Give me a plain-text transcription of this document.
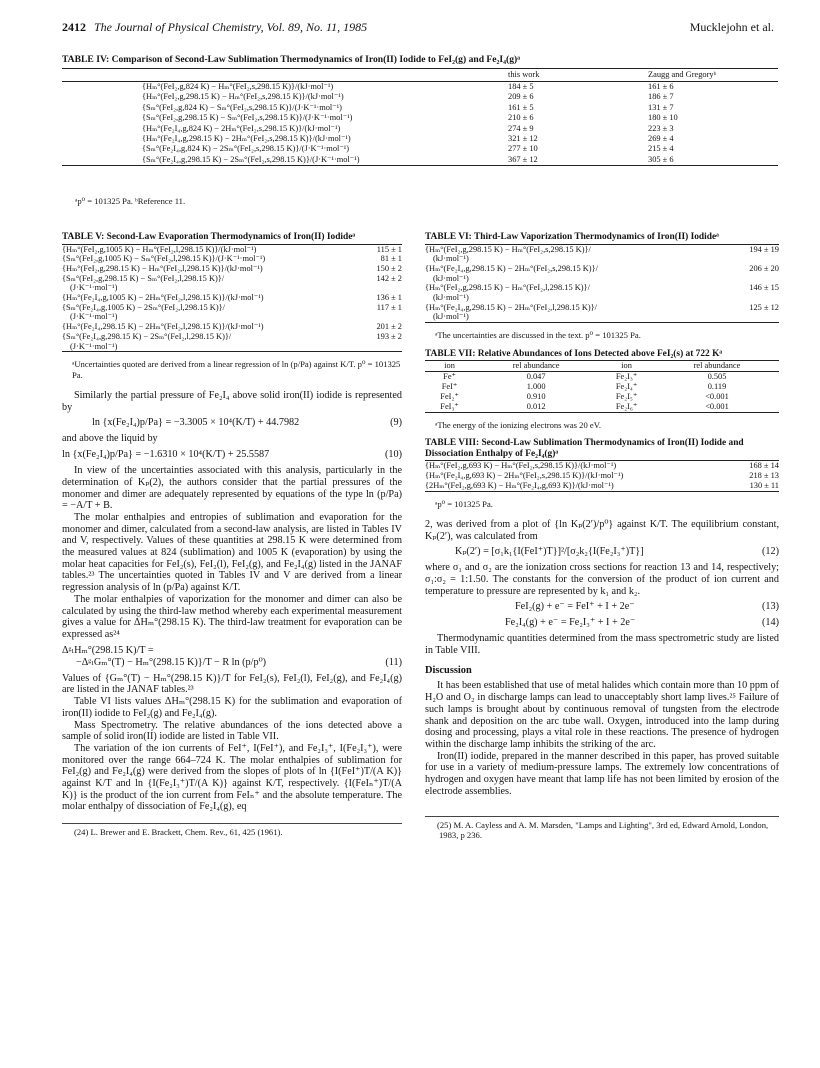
2412 The Journal of Physical Chemistry, Vol. 89, No. 11, 1985	Mucklejohn et al.
TABLE IV: Comparison of Second-Law Sublimation Thermodynamics of Iron(II) Iodide to FeI₂(g) and Fe₂I₄(g)ᵃ
	this work	Zaugg and Gregoryᵇ
{Hₘ°(FeI₂,g,824 K) − Hₘ°(FeI₂,s,298.15 K)}/(kJ·mol⁻¹)	184 ± 5	161 ± 6
{Hₘ°(FeI₂,g,298.15 K) − Hₘ°(FeI₂,s,298.15 K)}/(kJ·mol⁻¹)	209 ± 6	186 ± 7
{Sₘ°(FeI₂,g,824 K) − Sₘ°(FeI₂,s,298.15 K)}/(J·K⁻¹·mol⁻¹)	161 ± 5	131 ± 7
{Sₘ°(FeI₂,g,298.15 K) − Sₘ°(FeI₂,s,298.15 K)}/(J·K⁻¹·mol⁻¹)	210 ± 6	180 ± 10
{Hₘ°(Fe₂I₄,g,824 K) − 2Hₘ°(FeI₂,s,298.15 K)}/(kJ·mol⁻¹)	274 ± 9	223 ± 3
{Hₘ°(Fe₂I₄,g,298.15 K) − 2Hₘ°(FeI₂,s,298.15 K)}/(kJ·mol⁻¹)	321 ± 12	269 ± 4
{Sₘ°(Fe₂I₄,g,824 K) − 2Sₘ°(FeI₂,s,298.15 K)}/(J·K⁻¹·mol⁻¹)	277 ± 10	215 ± 4
{Sₘ°(Fe₂I₄,g,298.15 K) − 2Sₘ°(FeI₂,s,298.15 K)}/(J·K⁻¹·mol⁻¹)	367 ± 12	305 ± 6
ᵃp⁰ = 101325 Pa. ᵇReference 11.
TABLE V: Second-Law Evaporation Thermodynamics of Iron(II) Iodideᵃ
{Hₘ°(FeI₂,g,1005 K) − Hₘ°(FeI₂,l,298.15 K)}/(kJ·mol⁻¹)	115 ± 1
{Sₘ°(FeI₂,g,1005 K) − Sₘ°(FeI₂,l,298.15 K)}/(J·K⁻¹·mol⁻¹)	81 ± 1
{Hₘ°(FeI₂,g,298.15 K) − Hₘ°(FeI₂,l,298.15 K)}/(kJ·mol⁻¹)	150 ± 2

{Sₘ°(FeI₂,g,298.15 K) − Sₘ°(FeI₂,l,298.15 K)}/
(J·K⁻¹·mol⁻¹)	142 ± 2
{Hₘ°(Fe₂I₄,g,1005 K) − 2Hₘ°(FeI₂,l,298.15 K)}/(kJ·mol⁻¹)	136 ± 1

{Sₘ°(Fe₂I₄,g,1005 K) − 2Sₘ°(FeI₂,l,298.15 K)}/
(J·K⁻¹·mol⁻¹)	117 ± 1
{Hₘ°(Fe₂I₄,298.15 K) − 2Hₘ°(FeI₂,l,298.15 K)}/(kJ·mol⁻¹)	201 ± 2

{Sₘ°(Fe₂I₄,g,298.15 K) − 2Sₘ°(FeI₂,l,298.15 K)}/
(J·K⁻¹·mol⁻¹)	193 ± 2
ᵃUncertainties quoted are derived from a linear regression of ln (p/Pa) against K/T. p⁰ = 101325 Pa.

Similarly the partial pressure of Fe₂I₄ above solid iron(II) iodide is represented by

ln {x(Fe₂I₄)p/Pa} = −3.3005 × 10⁴(K/T) + 44.7982	(9)

and above the liquid by

ln {x(Fe₂I₄)p/Pa} = −1.6310 × 10⁴(K/T) + 25.5587	(10)

In view of the uncertainties associated with this analysis, particularly in the determination of Kₚ(2), the authors consider that the partial pressures of the monomer and dimer are adequately represented by equations of the type ln (p/Pa) = −A/T + B.

The molar enthalpies and entropies of sublimation and evaporation for the monomer and dimer, calculated from a second-law analysis, are listed in Tables IV and V, respectively. Values of these quantities at 298.15 K were determined from the measured values at 824 (sublimation) and 1005 K (evaporation) by using the molar heat capacities for FeI₂(s), FeI₂(l), FeI₂(g), and Fe₂I₄(g) listed in the JANAF tables.²³ The uncertainties quoted in Tables IV and V are derived from a linear regression analysis of ln (p/Pa) against K/T.

The molar enthalpies of vaporization for the monomer and dimer can also be calculated by using the third-law method whereby each experimental measurement gives a value for ΔHₘ°(298.15 K). The third-law treatment for evaporation can be expressed as²⁴

ΔᵍₗHₘ°(298.15 K)/T =
−ΔᵍₗGₘ°(T) − Hₘ°(298.15 K)}/T − R ln (p/p⁰)	(11)

Values of {Gₘ°(T) − Hₘ°(298.15 K)}/T for FeI₂(s), FeI₂(l), FeI₂(g), and Fe₂I₄(g) are listed in the JANAF tables.²³

Table VI lists values ΔHₘ°(298.15 K) for the sublimation and evaporation of iron(II) iodide to FeI₂(g) and Fe₂I₄(g).

Mass Spectrometry. The relative abundances of the ions detected above a sample of solid iron(II) iodide are listed in Table VII.

The variation of the ion currents of FeI⁺, I(FeI⁺), and Fe₂I₃⁺, I(Fe₂I₃⁺), were monitored over the range 664–724 K. The molar enthalpies of sublimation for FeI₂(g) and Fe₂I₄(g) were derived from the slopes of plots of ln {I(FeI⁺)T/(A K)} against K/T and ln {I(Fe₂I₃⁺)T/(A K)} against K/T, respectively. {I(FeIₙ⁺)T/(A K)} is the product of the ion current from FeIₙ⁺ and the absolute temperature. The molar enthalpy of dissociation of Fe₂I₄(g), eq

(24) L. Brewer and E. Brackett, Chem. Rev., 61, 425 (1961).
TABLE VI: Third-Law Vaporization Thermodynamics of Iron(II) Iodideᵃ
{Hₘ°(FeI₂,g,298.15 K) − Hₘ°(FeI₂,s,298.15 K)}/
(kJ·mol⁻¹)	194 ± 19

{Hₘ°(Fe₂I₄,g,298.15 K) − 2Hₘ°(FeI₂,s,298.15 K)}/
(kJ·mol⁻¹)	206 ± 20

{Hₘ°(FeI₂,g,298.15 K) − Hₘ°(FeI₂,l,298.15 K)}/
(kJ·mol⁻¹)	146 ± 15

{Hₘ°(Fe₂I₄,g,298.15 K) − 2Hₘ°(FeI₂,l,298.15 K)}/
(kJ·mol⁻¹)	125 ± 12
ᵃThe uncertainties are discussed in the text. p⁰ = 101325 Pa.
TABLE VII: Relative Abundances of Ions Detected above FeI₂(s) at 722 Kᵃ
ion	rel abundance	ion	rel abundance
Fe⁺	0.047	Fe₂I₃⁺	0.505
FeI⁺	1.000	Fe₂I₄⁺	0.119
FeI₂⁺	0.910	Fe₂I₅⁺	<0.001
FeI₃⁺	0.012	Fe₂I₆⁺	<0.001
ᵃThe energy of the ionizing electrons was 20 eV.
TABLE VIII: Second-Law Sublimation Thermodynamics of Iron(II) Iodide and Dissociation Enthalpy of Fe₂I₄(g)ᵃ
{Hₘ°(FeI₂,g,693 K) − Hₘ°(FeI₂,s,298.15 K)}/(kJ·mol⁻¹)	168 ± 14
{Hₘ°(Fe₂I₄,g,693 K) − 2Hₘ°(FeI₂,s,298.15 K)}/(kJ·mol⁻¹)	218 ± 13
{2Hₘ°(FeI₂,g,693 K) − Hₘ°(Fe₂I₄,g,693 K)}/(kJ·mol⁻¹)	130 ± 11
ᵃp⁰ = 101325 Pa.

2, was derived from a plot of {ln Kₚ(2′)/p⁰} against K/T. The equilibrium constant, Kₚ(2′), was calculated from

Kₚ(2′) = [σ₁k₁{I(FeI⁺)T}]²/[σ₂k₂{I(Fe₂I₃⁺)T}]	(12)

where σ₁ and σ₂ are the ionization cross sections for reaction 13 and 14, respectively; σ₁:σ₂ = 1:1.50. The constants for the conversion of the product of ion current and temperature to pressure are represented by k₁ and k₂.

FeI₂(g) + e⁻ = FeI⁺ + I + 2e⁻	(13)
Fe₂I₄(g) + e⁻ = Fe₂I₃⁺ + I + 2e⁻	(14)

Thermodynamic quantities determined from the mass spectrometric study are listed in Table VIII.

Discussion

It has been established that use of metal halides which contain more than 10 ppm of H₂O and O₂ in discharge lamps can lead to unacceptably short lamp lives.²⁵ Failure of such lamps is brought about by continuous removal of tungsten from the electrode shank and deposition on the arc tube wall. Oxygen, introduced into the lamp during dosing and processing, plays a vital role in these reactions. The presence of hydrogen within the discharge lamp inhibits the striking of the arc.

Iron(II) iodide, prepared in the manner described in this paper, has proved suitable for use in a variety of medium-pressure lamps. The extremely low concentrations of hydrogen and oxygen have meant that lamp life has not been limited by erosion of the electrode assemblies.

(25) M. A. Cayless and A. M. Marsden, "Lamps and Lighting", 3rd ed, Edward Arnold, London, 1983, p 236.
